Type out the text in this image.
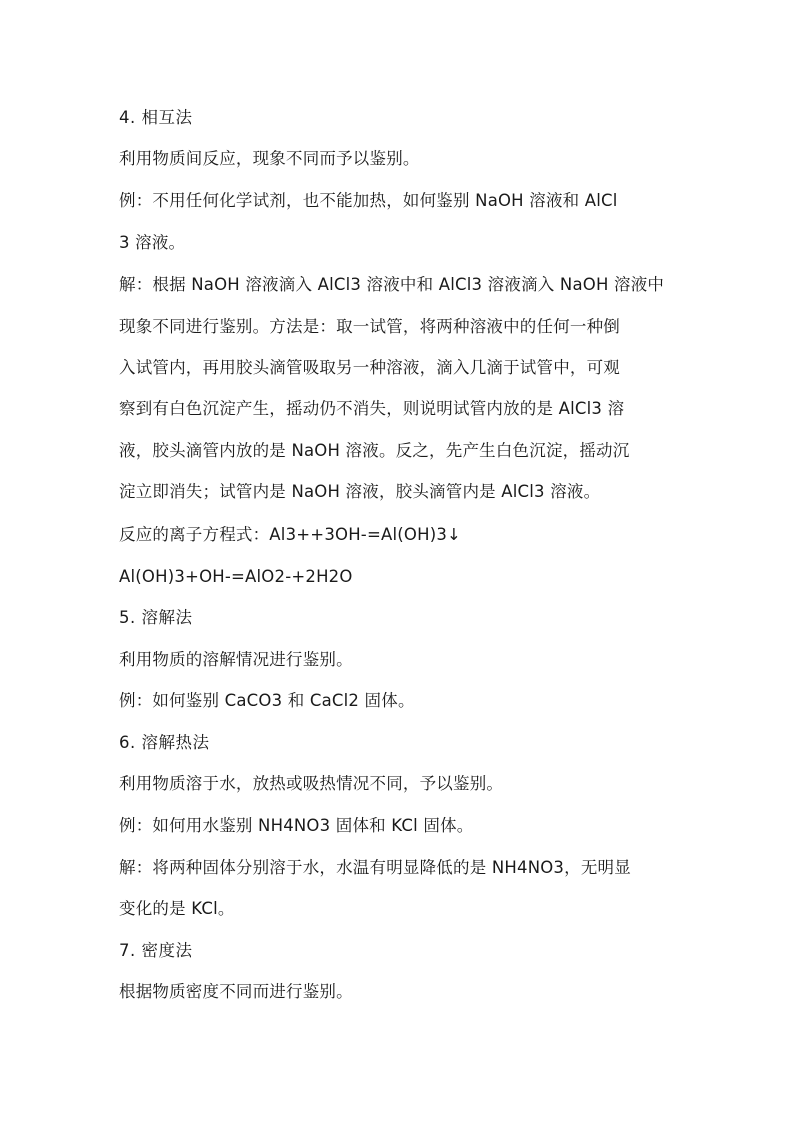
4. 相互法
利用物质间反应，现象不同而予以鉴别。
例：不用任何化学试剂，也不能加热，如何鉴别 NaOH 溶液和 AlCl
3 溶液。
解：根据 NaOH 溶液滴入 AlCl3 溶液中和 AlCl3 溶液滴入 NaOH 溶液中
现象不同进行鉴别。方法是：取一试管，将两种溶液中的任何一种倒
入试管内，再用胶头滴管吸取另一种溶液，滴入几滴于试管中，可观
察到有白色沉淀产生，摇动仍不消失，则说明试管内放的是 AlCl3 溶
液，胶头滴管内放的是 NaOH 溶液。反之，先产生白色沉淀，摇动沉
淀立即消失；试管内是 NaOH 溶液，胶头滴管内是 AlCl3 溶液。
反应的离子方程式：Al3++3OH-=Al(OH)3↓
Al(OH)3+OH-=AlO2-+2H2O
5. 溶解法
利用物质的溶解情况进行鉴别。
例：如何鉴别 CaCO3 和 CaCl2 固体。
6. 溶解热法
利用物质溶于水，放热或吸热情况不同，予以鉴别。
例：如何用水鉴别 NH4NO3 固体和 KCl 固体。
解：将两种固体分别溶于水，水温有明显降低的是 NH4NO3，无明显
变化的是 KCl。
7. 密度法
根据物质密度不同而进行鉴别。
